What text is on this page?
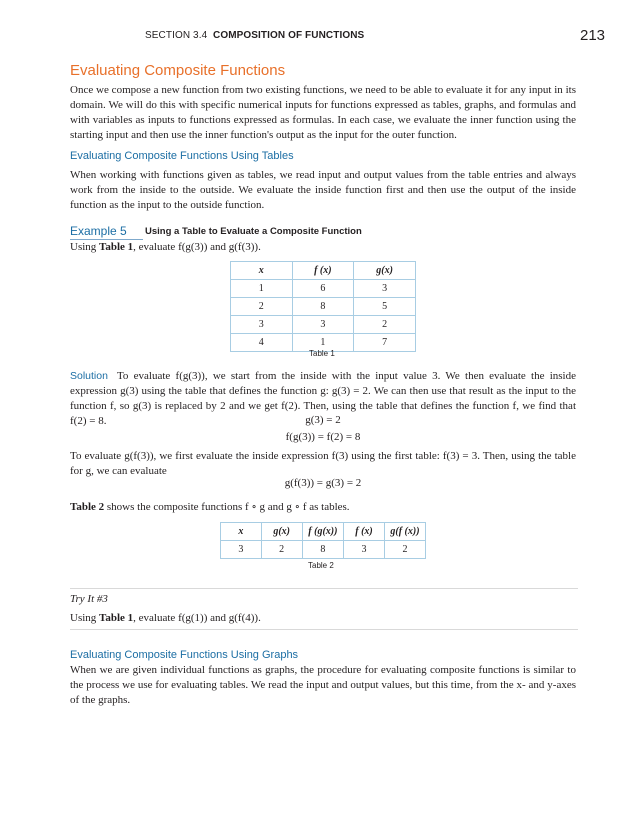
SECTION 3.4 COMPOSITION OF FUNCTIONS	213
Evaluating Composite Functions

Once we compose a new function from two existing functions, we need to be able to evaluate it for any input in its domain. We will do this with specific numerical inputs for functions expressed as tables, graphs, and formulas and with variables as inputs to functions expressed as formulas. In each case, we evaluate the inner function using the starting input and then use the inner function's output as the input for the outer function.

Evaluating Composite Functions Using Tables

When working with functions given as tables, we read input and output values from the table entries and always work from the inside to the outside. We evaluate the inside function first and then use the output of the inside function as the input to the outside function.

Example 5	Using a Table to Evaluate a Composite Function
Using Table 1, evaluate f(g(3)) and g(f(3)).
x	f (x)	g(x)
1	6	3
2	8	5
3	3	2
4	1	7
Table 1

Solution To evaluate f(g(3)), we start from the inside with the input value 3. We then evaluate the inside expression g(3) using the table that defines the function g: g(3) = 2. We can then use that result as the input to the function f, so g(3) is replaced by 2 and we get f(2). Then, using the table that defines the function f, we find that f(2) = 8.	g(3) = 2
f(g(3)) = f(2) = 8

To evaluate g(f(3)), we first evaluate the inside expression f(3) using the first table: f(3) = 3. Then, using the table for g, we can evaluate

g(f(3)) = g(3) = 2

Table 2 shows the composite functions f ∘ g and g ∘ f as tables.

x	g(x)	f (g(x))	f (x)	g(f (x))
3	2	8	3	2
Table 2
Try It #3
Using Table 1, evaluate f(g(1)) and g(f(4)).
Evaluating Composite Functions Using Graphs

When we are given individual functions as graphs, the procedure for evaluating composite functions is similar to the process we use for evaluating tables. We read the input and output values, but this time, from the x- and y-axes of the graphs.
